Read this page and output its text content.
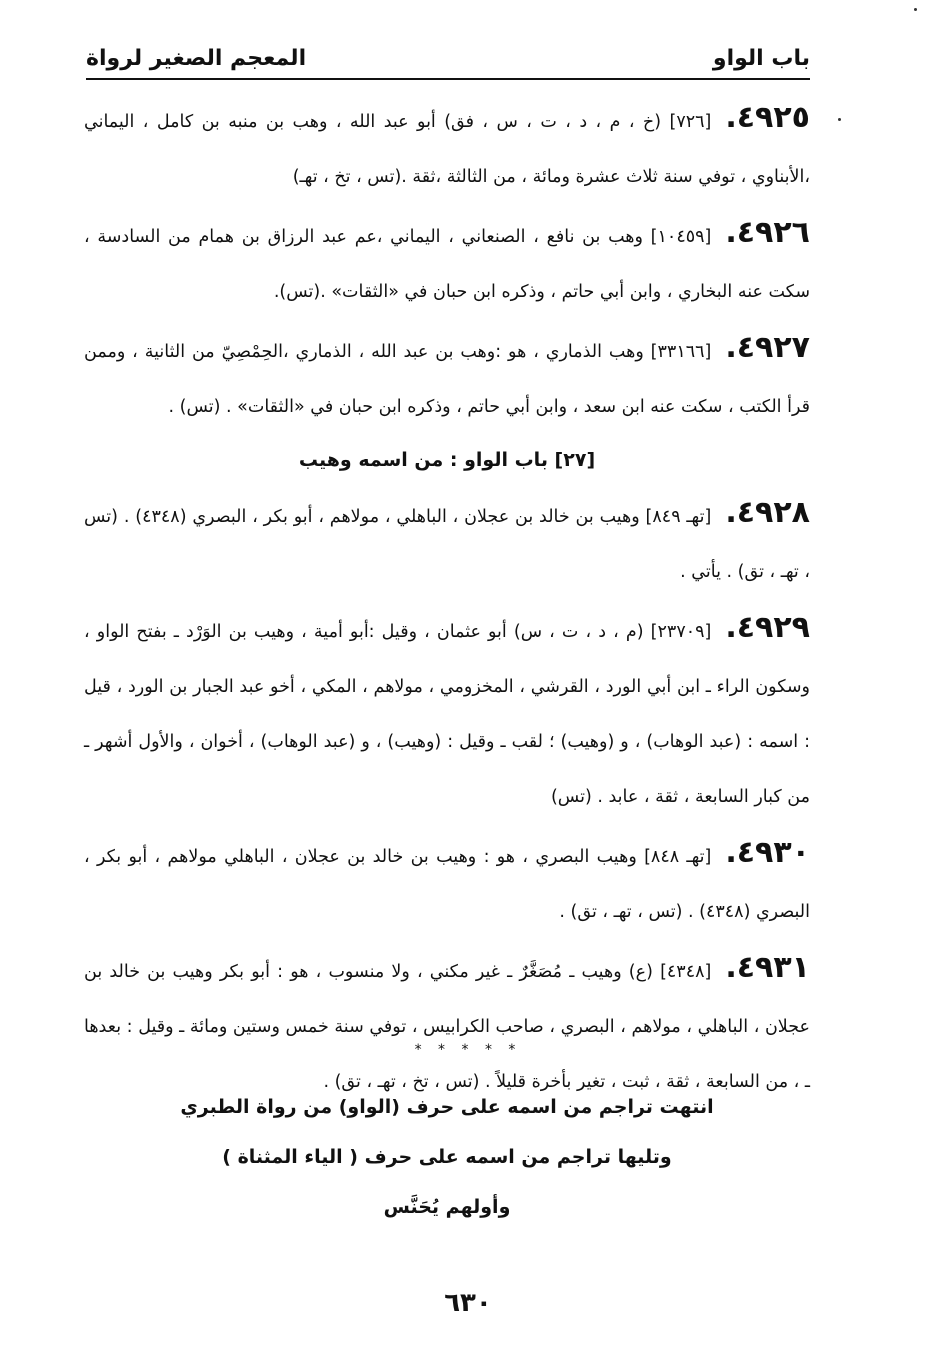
باب الواو
المعجم الصغير لرواة

٤٩٢٥.[٧٢٦] (خ ، م ، د ، ت ، س ، فق) أبو عبد الله ، وهب بن منبه بن كامل ، اليماني ،الأبناوي ، توفي سنة ثلاث عشرة ومائة ، من الثالثة ،ثقة .(تس ، تخ ، تهـ)

٤٩٢٦.[١٠٤٥٩] وهب بن نافع ، الصنعاني ، اليماني ،عم عبد الرزاق بن همام من السادسة ، سكت عنه البخاري ، وابن أبي حاتم ، وذكره ابن حبان في «الثقات» .(تس).

٤٩٢٧.[٣٣١٦٦] وهب الذماري ، هو :وهب بن عبد الله ، الذماري ،الحِمْصِيّ من الثانية ، وممن قرأ الكتب ، سكت عنه ابن سعد ، وابن أبي حاتم ، وذكره ابن حبان في «الثقات» . (تس) .

[٢٧] باب الواو : من اسمه وهيب

٤٩٢٨.[تهـ ٨٤٩] وهيب بن خالد بن عجلان ، الباهلي ، مولاهم ، أبو بكر ، البصري (٤٣٤٨) . (تس ، تهـ ، تق) . يأتي .

٤٩٢٩.[٢٣٧٠٩] (م ، د ، ت ، س) أبو عثمان ، وقيل :أبو أمية ، وهيب بن الوَرْد ـ بفتح الواو ، وسكون الراء ـ ابن أبي الورد ، القرشي ، المخزومي ، مولاهم ، المكي ، أخو عبد الجبار بن الورد ، قيل : اسمه : (عبد الوهاب) ، و (وهيب) ؛ لقب ـ وقيل : (وهيب) ، و (عبد الوهاب) ، أخوان ، والأول أشهر ـ من كبار السابعة ، ثقة ، عابد . (تس)

٤٩٣٠.[تهـ ٨٤٨] وهيب البصري ، هو : وهيب بن خالد بن عجلان ، الباهلي مولاهم ، أبو بكر ، البصري (٤٣٤٨) . (تس ، تهـ ، تق) .

٤٩٣١.[٤٣٤٨] (ع) وهيب ـ مُصَغَّرٌ ـ غير مكني ، ولا منسوب ، هو : أبو بكر وهيب بن خالد بن عجلان ، الباهلي ، مولاهم ، البصري ، صاحب الكرابيس ، توفي سنة خمس وستين ومائة ـ وقيل : بعدها ـ ، من السابعة ، ثقة ، ثبت ، تغير بأخرة قليلاً . (تس ، تخ ، تهـ ، تق) .

* * * * *
انتهت تراجم من اسمه على حرف (الواو) من رواة الطبري
وتليها تراجم من اسمه على حرف ( الياء المثناة )
وأولهم يُحَنَّس
٦٣٠
